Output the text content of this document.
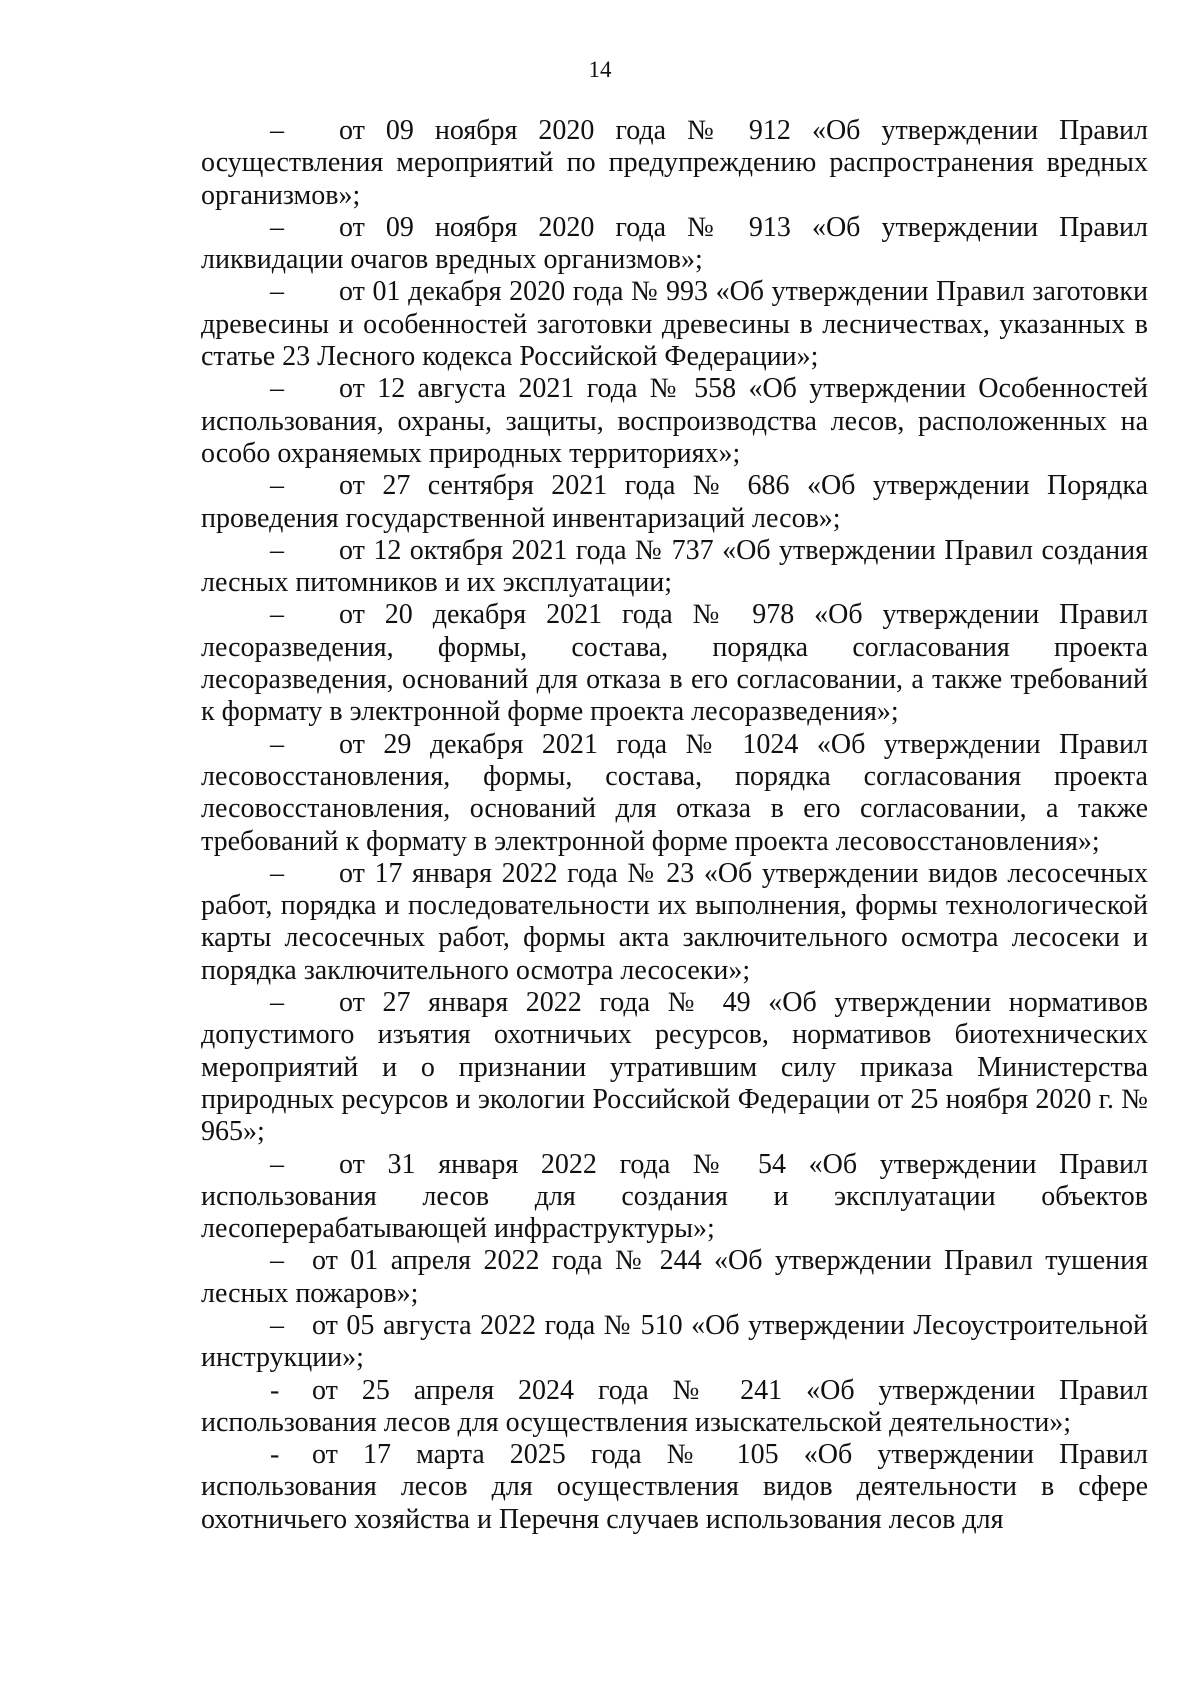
14

– от 09 ноября 2020 года № 912 «Об утверждении Правил осуществления мероприятий по предупреждению распространения вредных организмов»;

– от 09 ноября 2020 года № 913 «Об утверждении Правил ликвидации очагов вредных организмов»;

– от 01 декабря 2020 года № 993 «Об утверждении Правил заготовки древесины и особенностей заготовки древесины в лесничествах, указанных в статье 23 Лесного кодекса Российской Федерации»;

– от 12 августа 2021 года № 558 «Об утверждении Особенностей использования, охраны, защиты, воспроизводства лесов, расположенных на особо охраняемых природных территориях»;

– от 27 сентября 2021 года № 686 «Об утверждении Порядка проведения государственной инвентаризаций лесов»;

– от 12 октября 2021 года № 737 «Об утверждении Правил создания лесных питомников и их эксплуатации;

– от 20 декабря 2021 года № 978 «Об утверждении Правил лесоразведения, формы, состава, порядка согласования проекта лесоразведения, оснований для отказа в его согласовании, а также требований к формату в электронной форме проекта лесоразведения»;

– от 29 декабря 2021 года № 1024 «Об утверждении Правил лесовосстановления, формы, состава, порядка согласования проекта лесовосстановления, оснований для отказа в его согласовании, а также требований к формату в электронной форме проекта лесовосстановления»;

– от 17 января 2022 года № 23 «Об утверждении видов лесосечных работ, порядка и последовательности их выполнения, формы технологической карты лесосечных работ, формы акта заключительного осмотра лесосеки и порядка заключительного осмотра лесосеки»;

– от 27 января 2022 года № 49 «Об утверждении нормативов допустимого изъятия охотничьих ресурсов, нормативов биотехнических мероприятий и о признании утратившим силу приказа Министерства природных ресурсов и экологии Российской Федерации от 25 ноября 2020 г. № 965»;

– от 31 января 2022 года № 54 «Об утверждении Правил использования лесов для создания и эксплуатации объектов лесоперерабатывающей инфраструктуры»;

– от 01 апреля 2022 года № 244 «Об утверждении Правил тушения лесных пожаров»;

– от 05 августа 2022 года № 510 «Об утверждении Лесоустроительной инструкции»;

- от 25 апреля 2024 года № 241 «Об утверждении Правил использования лесов для осуществления изыскательской деятельности»;

- от 17 марта 2025 года № 105 «Об утверждении Правил использования лесов для осуществления видов деятельности в сфере охотничьего хозяйства и Перечня случаев использования лесов для
